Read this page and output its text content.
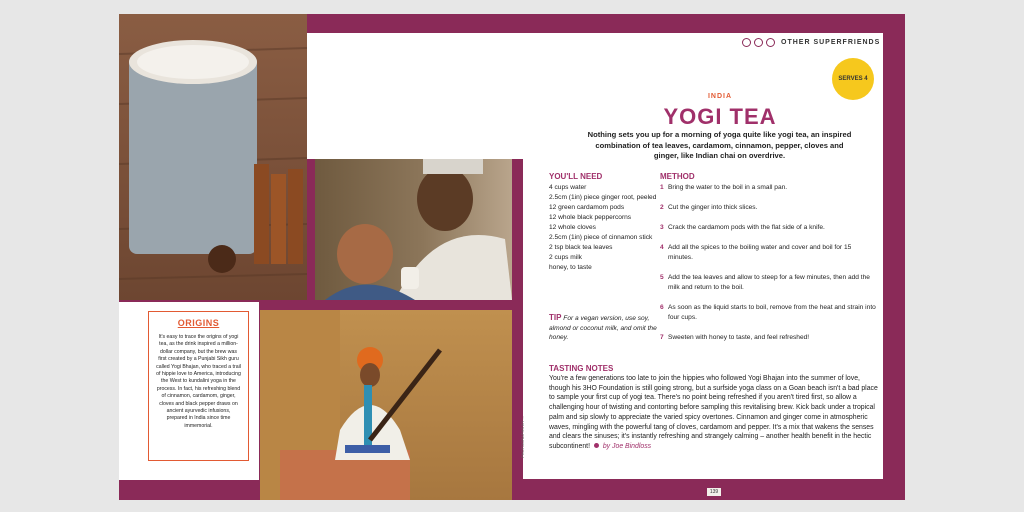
ORIGINS
It's easy to trace the origins of yogi tea, as the drink inspired a million-dollar company, but the brew was first created by a Punjabi Sikh guru called Yogi Bhajan, who traced a trail of hippie love to America, introducing the West to kundalini yoga in the process. In fact, his refreshing blend of cinnamon, cardamom, ginger, cloves and black pepper draws on ancient ayurvedic infusions, prepared in India since time immemorial.
OTHER SUPERFRIENDS
SERVES 4
INDIA
YOGI TEA
Nothing sets you up for a morning of yoga quite like yogi tea, an inspired combination of tea leaves, cardamom, cinnamon, pepper, cloves and ginger, like Indian chai on overdrive.
YOU'LL NEED
4 cups water
2.5cm (1in) piece ginger root, peeled
12 green cardamom pods
12 whole black peppercorns
12 whole cloves
2.5cm (1in) piece of cinnamon stick
2 tsp black tea leaves
2 cups milk
honey, to taste
METHOD
1 Bring the water to the boil in a small pan.
2 Cut the ginger into thick slices.
3 Crack the cardamom pods with the flat side of a knife.
4 Add all the spices to the boiling water and cover and boil for 15 minutes.
5 Add the tea leaves and allow to steep for a few minutes, then add the milk and return to the boil.
6 As soon as the liquid starts to boil, remove from the heat and strain into four cups.
7 Sweeten with honey to taste, and feel refreshed!
PHOTOGRAPHS BY ...
TIP For a vegan version, use soy, almond or coconut milk, and omit the honey.
TASTING NOTES
You're a few generations too late to join the hippies who followed Yogi Bhajan into the summer of love, though his 3HO Foundation is still going strong, but a surfside yoga class on a Goan beach isn't a bad place to sample your first cup of yogi tea. There's no point being refreshed if you aren't tired first, so allow a challenging hour of twisting and contorting before sampling this revitalising brew. Kick back under a tropical palm and sip slowly to appreciate the varied spicy overtones. Cinnamon and ginger come in atmospheric waves, mingling with the powerful tang of cloves, cardamom and pepper. It's a mix that wakens the senses and clears the sinuses; it's instantly refreshing and strangely calming – another health benefit in the hectic subcontinent! by Joe Bindloss
139
